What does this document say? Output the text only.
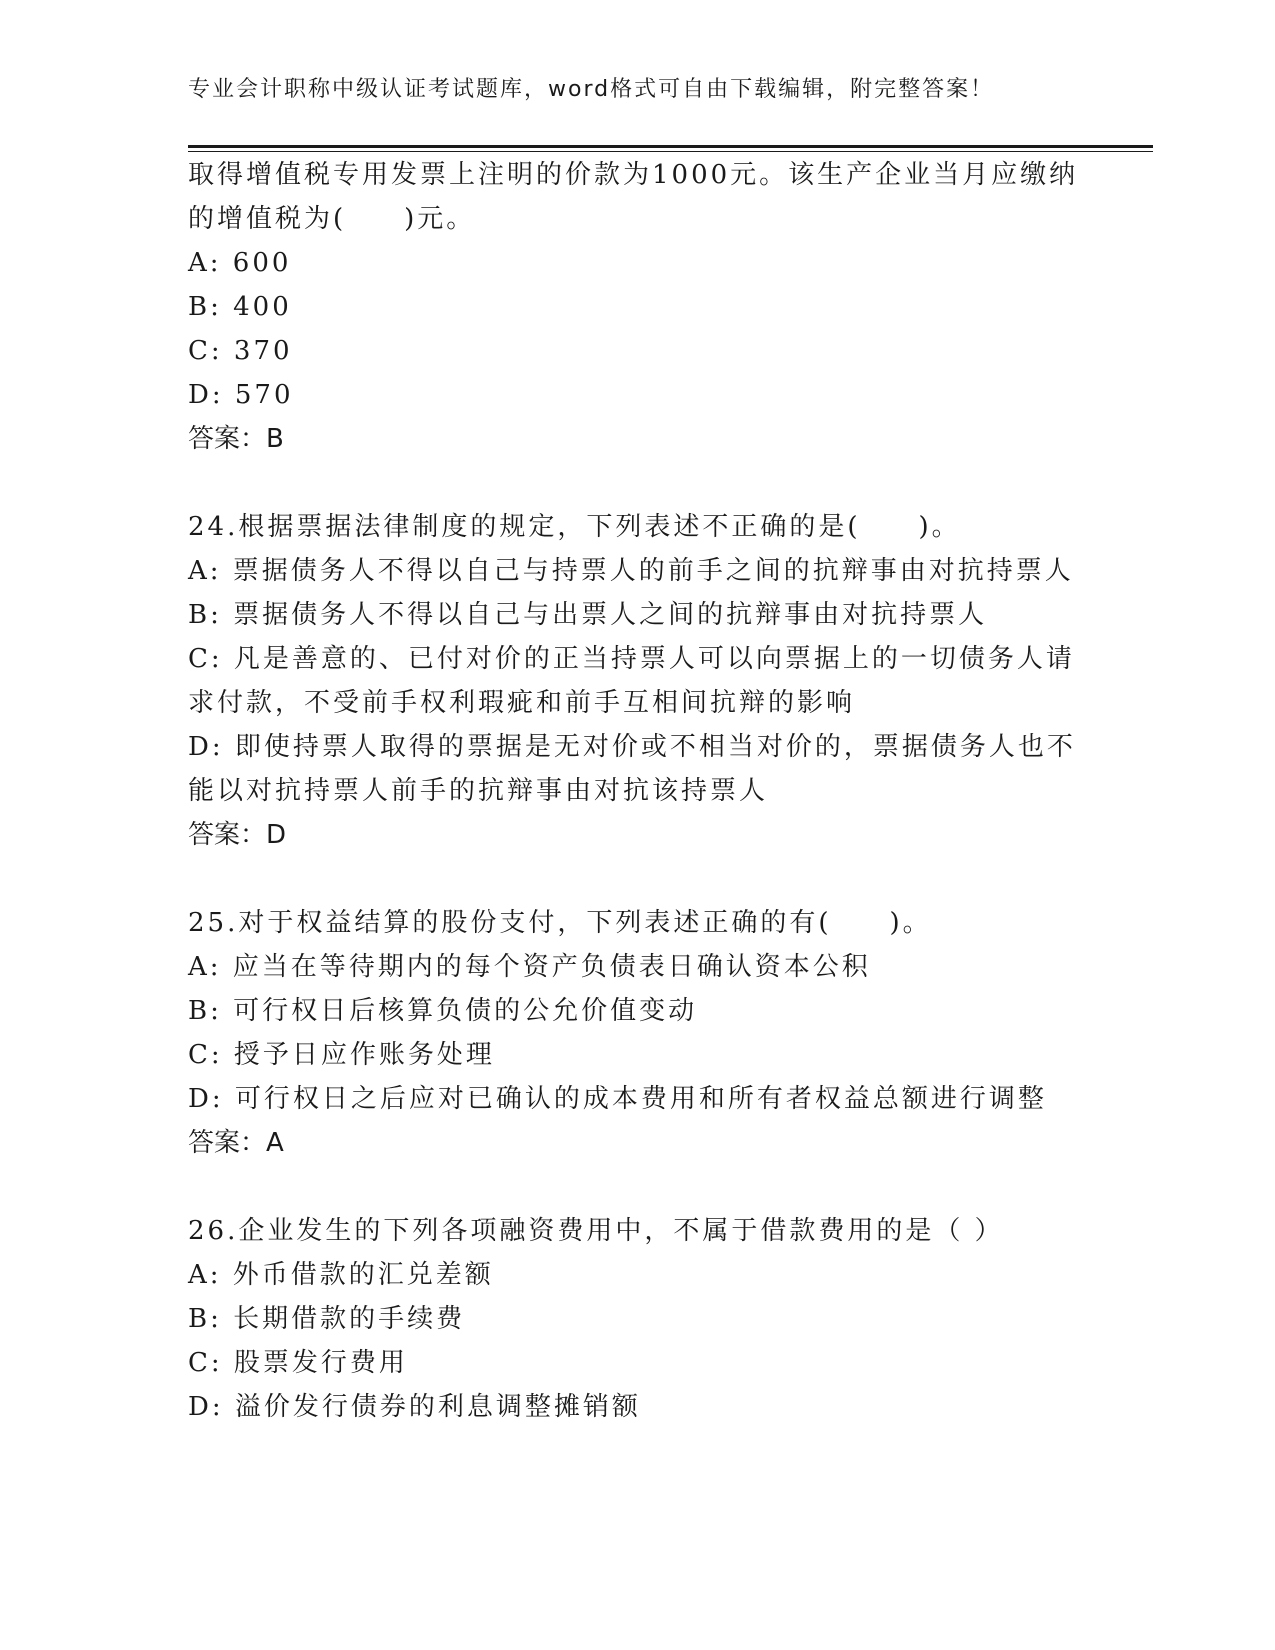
专业会计职称中级认证考试题库，word格式可自由下载编辑，附完整答案！
取得增值税专用发票上注明的价款为1000元。该生产企业当月应缴纳
的增值税为(　　)元。
A: 600
B: 400
C: 370
D: 570
答案：B
24.根据票据法律制度的规定，下列表述不正确的是(　　)。
A: 票据债务人不得以自己与持票人的前手之间的抗辩事由对抗持票人
B: 票据债务人不得以自己与出票人之间的抗辩事由对抗持票人
C: 凡是善意的、已付对价的正当持票人可以向票据上的一切债务人请
求付款，不受前手权利瑕疵和前手互相间抗辩的影响
D: 即使持票人取得的票据是无对价或不相当对价的，票据债务人也不
能以对抗持票人前手的抗辩事由对抗该持票人
答案：D
25.对于权益结算的股份支付，下列表述正确的有(　　)。
A: 应当在等待期内的每个资产负债表日确认资本公积
B: 可行权日后核算负债的公允价值变动
C: 授予日应作账务处理
D: 可行权日之后应对已确认的成本费用和所有者权益总额进行调整
答案：A
26.企业发生的下列各项融资费用中，不属于借款费用的是（ ）
A: 外币借款的汇兑差额
B: 长期借款的手续费
C: 股票发行费用
D: 溢价发行债券的利息调整摊销额
